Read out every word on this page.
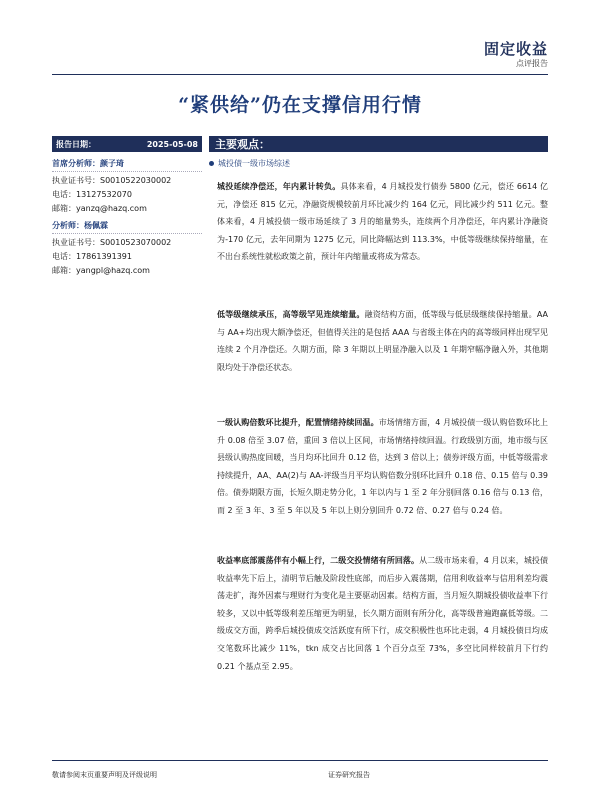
固定收益
点评报告
“紧供给”仍在支撑信用行情
报告日期：	2025-05-08
首席分析师：颜子琦
执业证书号：S0010522030002
电话：13127532070
邮箱：yanzq@hazq.com
分析师：杨佩霖
执业证书号：S0010523070002
电话：17861391391
邮箱：yangpl@hazq.com
主要观点：
城投债一级市场综述
城投延续净偿还，年内累计转负。具体来看，4 月城投发行债券 5800 亿元，偿还 6614 亿元，净偿还 815 亿元，净融资规模较前月环比减少约 164 亿元，同比减少约 511 亿元。整体来看，4 月城投债一级市场延续了 3 月的缩量势头，连续两个月净偿还，年内累计净融资为-170 亿元，去年同期为 1275 亿元，同比降幅达到 113.3%，中低等级继续保持缩量，在不出台系统性就松政策之前，预计年内缩量或将成为常态。
低等级继续承压，高等级罕见连续缩量。融资结构方面，低等级与低层级继续保持缩量。AA 与 AA+均出现大额净偿还，但值得关注的是包括 AAA 与省级主体在内的高等级同样出现罕见连续 2 个月净偿还。久期方面，除 3 年期以上明显净融入以及 1 年期窄幅净融入外，其他期限均处于净偿还状态。
一级认购倍数环比提升，配置情绪持续回温。市场情绪方面，4 月城投债一级认购倍数环比上升 0.08 倍至 3.07 倍，重回 3 倍以上区间，市场情绪持续回温。行政级别方面，地市级与区县级认购热度回暖，当月均环比回升 0.12 倍，达到 3 倍以上；债券评级方面，中低等级需求持续提升，AA、AA(2)与 AA-评级当月平均认购倍数分别环比回升 0.18 倍、0.15 倍与 0.39 倍。债券期限方面，长短久期走势分化，1 年以内与 1 至 2 年分别回落 0.16 倍与 0.13 倍，而 2 至 3 年、3 至 5 年以及 5 年以上则分别回升 0.72 倍、0.27 倍与 0.24 倍。
收益率底部震荡伴有小幅上行，二级交投情绪有所回落。从二级市场来看，4 月以来，城投债收益率先下后上，清明节后触及阶段性底部，而后步入震荡期，信用利收益率与信用利差均震荡走扩，海外因素与理财行为变化是主要驱动因素。结构方面，当月短久期城投债收益率下行较多，又以中低等级利差压缩更为明显，长久期方面则有所分化，高等级普遍跑赢低等级。二级成交方面，跨季后城投债成交活跃度有所下行，成交积极性也环比走弱，4 月城投债日均成交笔数环比减少 11%，tkn 成交占比回落 1 个百分点至 73%，多空比同样较前月下行约 0.21 个基点至 2.95。
敬请参阅末页重要声明及评级说明	证券研究报告
